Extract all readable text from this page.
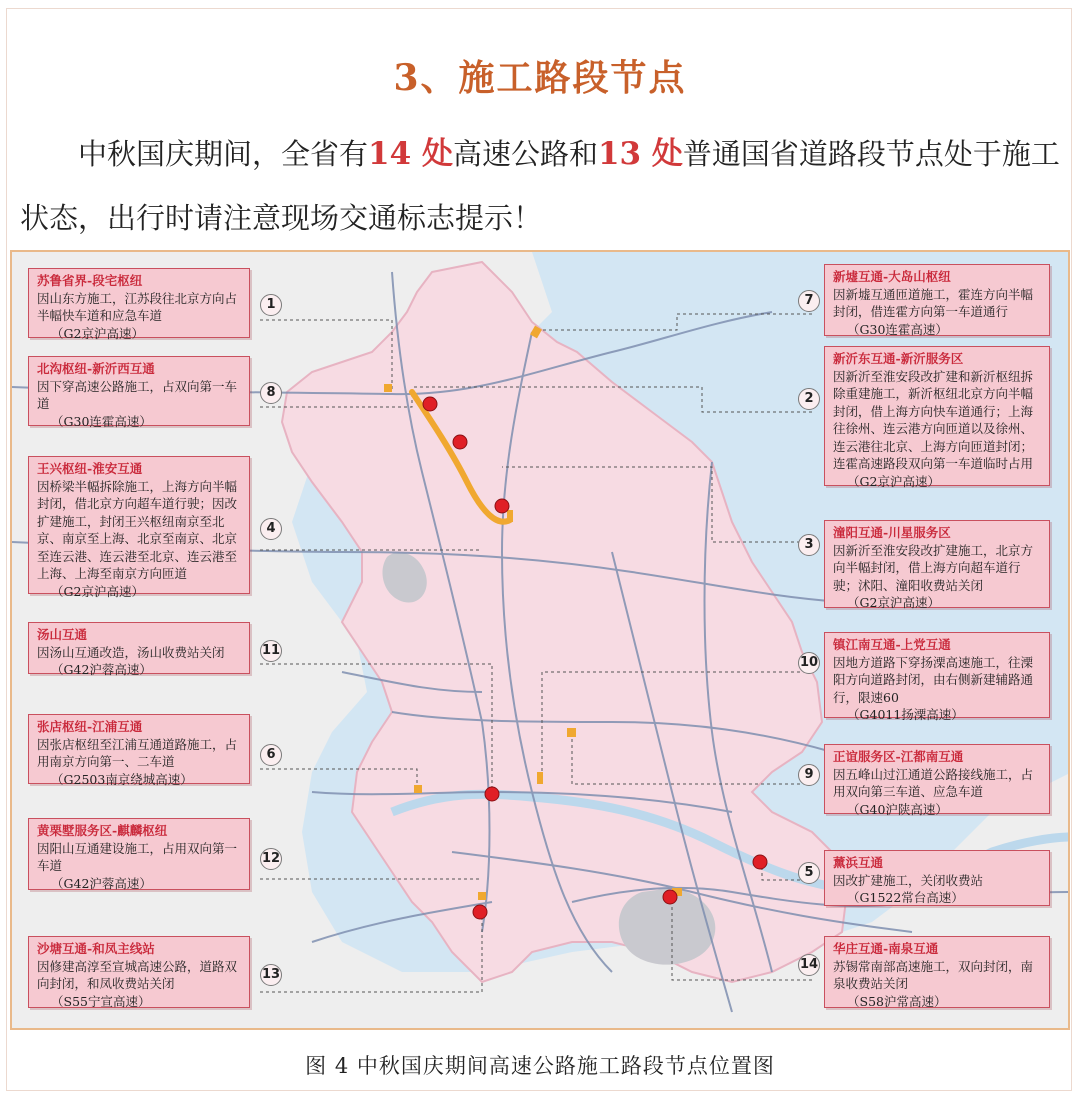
3、施工路段节点
中秋国庆期间，全省有14 处高速公路和13 处普通国省道路段节点处于施工状态，出行时请注意现场交通标志提示！
苏鲁省界-段宅枢纽
因山东方施工，江苏段往北京方向占半幅快车道和应急车道
（G2京沪高速）
1
北沟枢纽-新沂西互通
因下穿高速公路施工，占双向第一车道
（G30连霍高速）
8
王兴枢纽-淮安互通
因桥梁半幅拆除施工，上海方向半幅封闭，借北京方向超车道行驶；因改扩建施工，封闭王兴枢纽南京至北京、南京至上海、北京至南京、北京至连云港、连云港至北京、连云港至上海、上海至南京方向匝道
（G2京沪高速）
4
汤山互通
因汤山互通改造，汤山收费站关闭
（G42沪蓉高速）
11
张店枢纽-江浦互通
因张店枢纽至江浦互通道路施工，占用南京方向第一、二车道
（G2503南京绕城高速）
6
黄栗墅服务区-麒麟枢纽
因阳山互通建设施工，占用双向第一车道
（G42沪蓉高速）
12
沙塘互通-和凤主线站
因修建高淳至宣城高速公路，道路双向封闭，和凤收费站关闭
（S55宁宣高速）
13
新墟互通-大岛山枢纽
因新墟互通匝道施工，霍连方向半幅封闭，借连霍方向第一车道通行
（G30连霍高速）
7
新沂东互通-新沂服务区
因新沂至淮安段改扩建和新沂枢纽拆除重建施工，新沂枢纽北京方向半幅封闭，借上海方向快车道通行；上海往徐州、连云港方向匝道以及徐州、连云港往北京、上海方向匝道封闭；连霍高速路段双向第一车道临时占用
（G2京沪高速）
2
潼阳互通-川星服务区
因新沂至淮安段改扩建施工，北京方向半幅封闭，借上海方向超车道行驶；沭阳、潼阳收费站关闭
（G2京沪高速）
3
镇江南互通-上党互通
因地方道路下穿扬溧高速施工，往溧阳方向道路封闭，由右侧新建辅路通行，限速60
（G4011扬溧高速）
10
正谊服务区-江都南互通
因五峰山过江通道公路接线施工，占用双向第三车道、应急车道
（G40沪陕高速）
9
薰浜互通
因改扩建施工，关闭收费站
（G1522常台高速）
5
华庄互通-南泉互通
苏锡常南部高速施工，双向封闭，南泉收费站关闭
（S58沪常高速）
14
图 4 中秋国庆期间高速公路施工路段节点位置图
